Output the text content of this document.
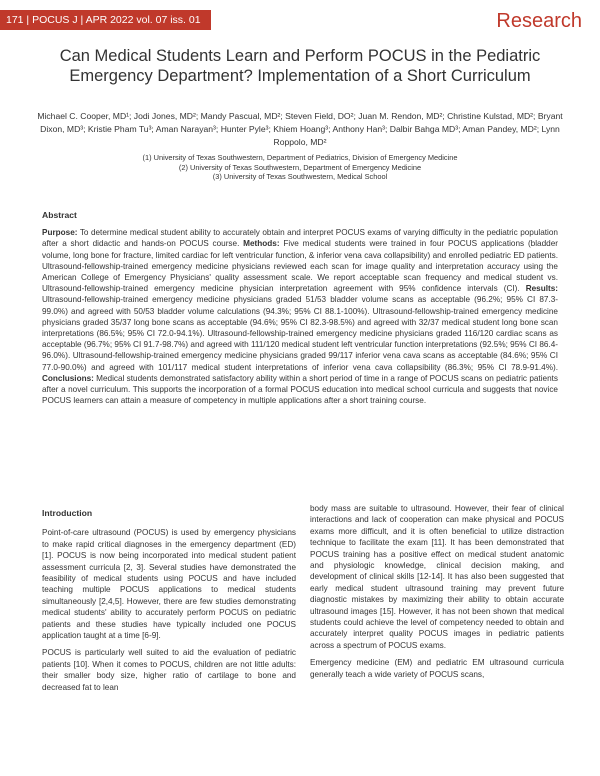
171 | POCUS J | APR 2022 vol. 07 iss. 01	Research
Can Medical Students Learn and Perform POCUS in the Pediatric Emergency Department? Implementation of a Short Curriculum
Michael C. Cooper, MD¹; Jodi Jones, MD²; Mandy Pascual, MD²; Steven Field, DO²; Juan M. Rendon, MD²; Christine Kulstad, MD²; Bryant Dixon, MD³; Kristie Pham Tu³; Aman Narayan³; Hunter Pyle³; Khiem Hoang³; Anthony Han³; Dalbir Bahga MD³; Aman Pandey, MD²; Lynn Roppolo, MD²
(1) University of Texas Southwestern, Department of Pediatrics, Division of Emergency Medicine
(2) University of Texas Southwestern, Department of Emergency Medicine
(3) University of Texas Southwestern, Medical School
Abstract

Purpose: To determine medical student ability to accurately obtain and interpret POCUS exams of varying difficulty in the pediatric population after a short didactic and hands-on POCUS course. Methods: Five medical students were trained in four POCUS applications (bladder volume, long bone for fracture, limited cardiac for left ventricular function, & inferior vena cava collapsibility) and enrolled pediatric ED patients. Ultrasound-fellowship-trained emergency medicine physicians reviewed each scan for image quality and interpretation accuracy using the American College of Emergency Physicians' quality assessment scale. We report acceptable scan frequency and medical student vs. Ultrasound-fellowship-trained emergency medicine physician interpretation agreement with 95% confidence intervals (CI). Results: Ultrasound-fellowship-trained emergency medicine physicians graded 51/53 bladder volume scans as acceptable (96.2%; 95% CI 87.3-99.0%) and agreed with 50/53 bladder volume calculations (94.3%; 95% CI 88.1-100%). Ultrasound-fellowship-trained emergency medicine physicians graded 35/37 long bone scans as acceptable (94.6%; 95% CI 82.3-98.5%) and agreed with 32/37 medical student long bone scan interpretations (86.5%; 95% CI 72.0-94.1%). Ultrasound-fellowship-trained emergency medicine physicians graded 116/120 cardiac scans as acceptable (96.7%; 95% CI 91.7-98.7%) and agreed with 111/120 medical student left ventricular function interpretations (92.5%; 95% CI 86.4-96.0%). Ultrasound-fellowship-trained emergency medicine physicians graded 99/117 inferior vena cava scans as acceptable (84.6%; 95% CI 77.0-90.0%) and agreed with 101/117 medical student interpretations of inferior vena cava collapsibility (86.3%; 95% CI 78.9-91.4%). Conclusions: Medical students demonstrated satisfactory ability within a short period of time in a range of POCUS scans on pediatric patients after a novel curriculum. This supports the incorporation of a formal POCUS education into medical school curricula and suggests that novice POCUS learners can attain a measure of competency in multiple applications after a short training course.

Introduction

Point-of-care ultrasound (POCUS) is used by emergency physicians to make rapid critical diagnoses in the emergency department (ED) [1]. POCUS is now being incorporated into medical student patient assessment curricula [2, 3]. Several studies have demonstrated the feasibility of medical students using POCUS and have included teaching multiple POCUS applications to medical students simultaneously [2,4,5]. However, there are few studies demonstrating medical students' ability to accurately perform POCUS on pediatric patients and these studies have typically included one POCUS application taught at a time [6-9].

POCUS is particularly well suited to aid the evaluation of pediatric patients [10]. When it comes to POCUS, children are not little adults: their smaller body size, higher ratio of cartilage to bone and decreased fat to lean

body mass are suitable to ultrasound. However, their fear of clinical interactions and lack of cooperation can make physical and POCUS exams more difficult, and it is often beneficial to utilize distraction technique to facilitate the exam [11]. It has been demonstrated that POCUS training has a positive effect on medical student anatomic and physiologic knowledge, clinical decision making, and development of clinical skills [12-14]. It has also been suggested that early medical student ultrasound training may prevent future diagnostic mistakes by maximizing their ability to obtain accurate ultrasound images [15]. However, it has not been shown that medical students could achieve the level of competency needed to obtain and accurately interpret quality POCUS images in pediatric patients across a spectrum of POCUS exams.

Emergency medicine (EM) and pediatric EM ultrasound curricula generally teach a wide variety of POCUS scans,
